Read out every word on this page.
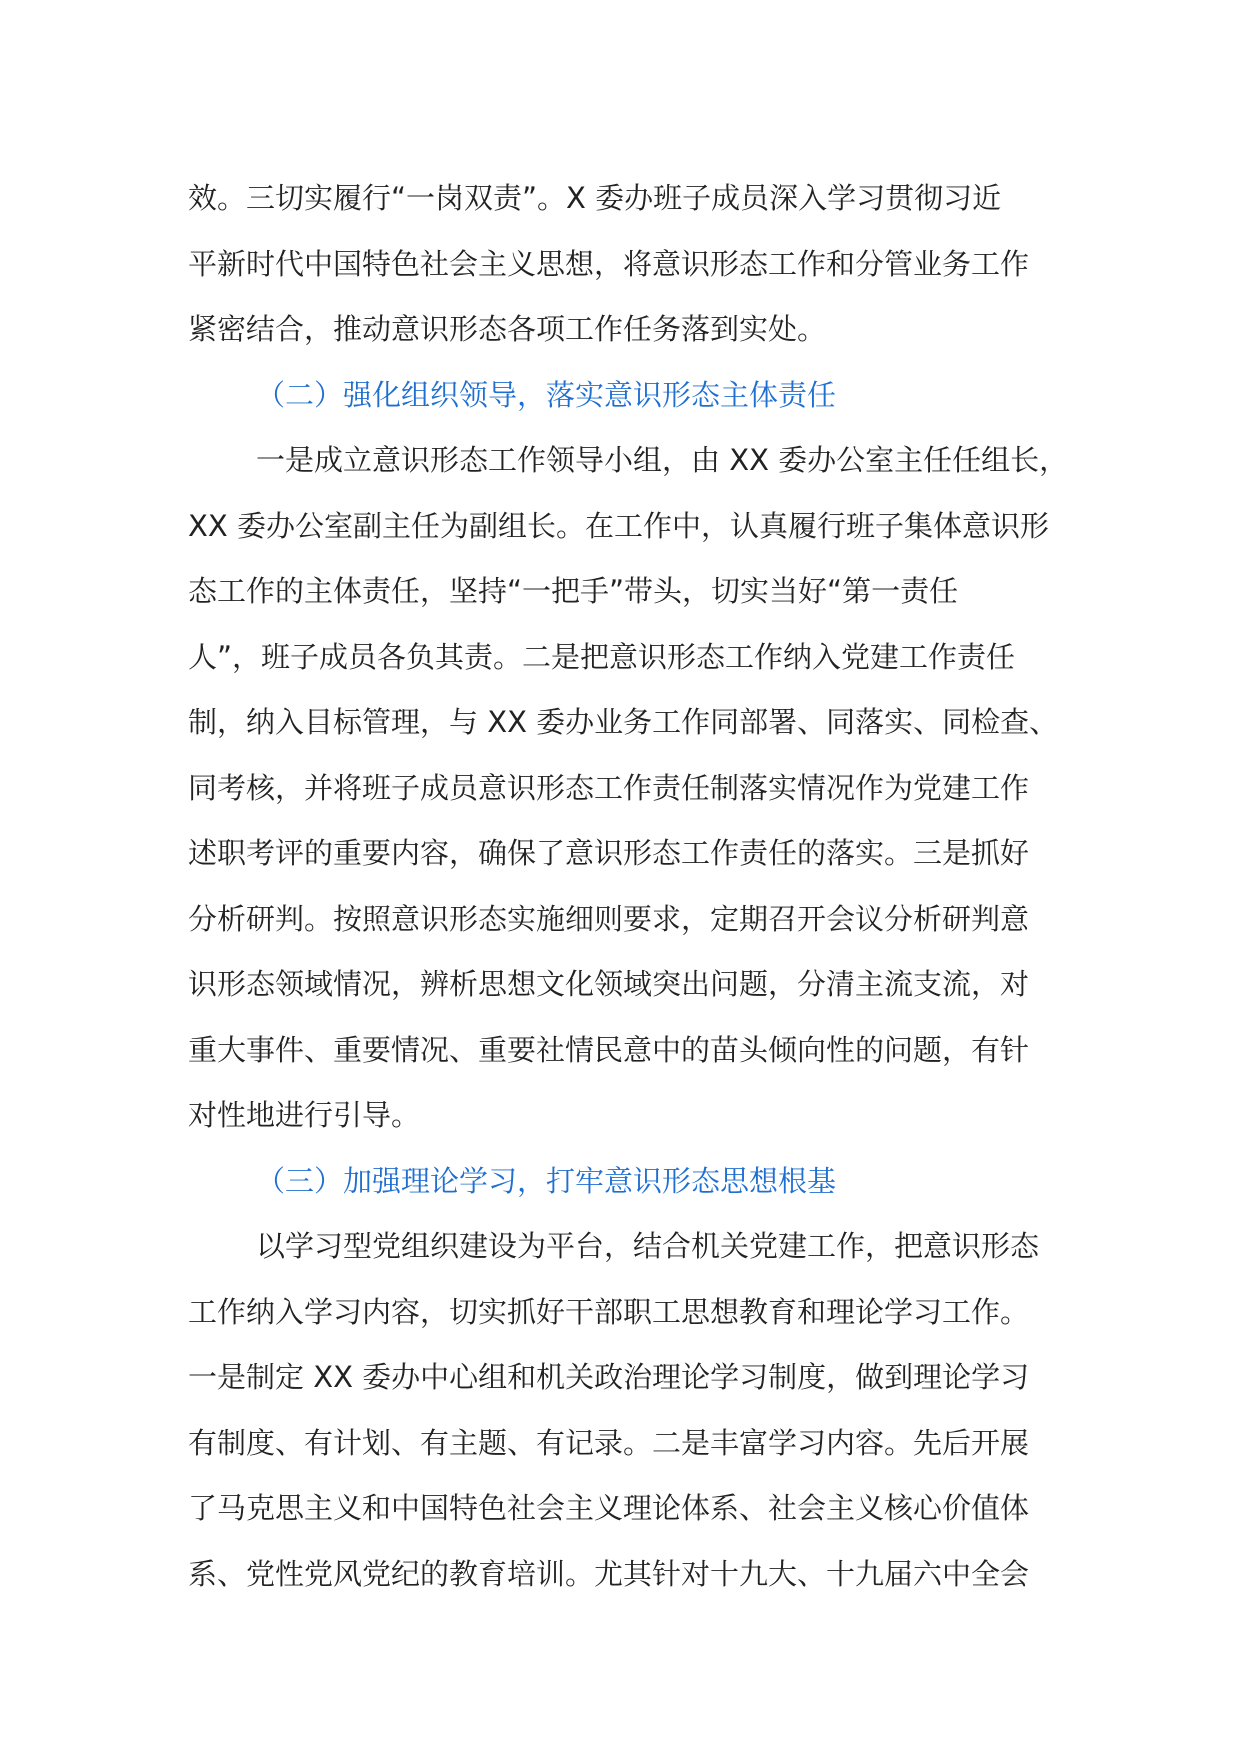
效。三切实履行“一岗双责”。X 委办班子成员深入学习贯彻习近
平新时代中国特色社会主义思想，将意识形态工作和分管业务工作
紧密结合，推动意识形态各项工作任务落到实处。
（二）强化组织领导，落实意识形态主体责任
一是成立意识形态工作领导小组，由 XX 委办公室主任任组长，
XX 委办公室副主任为副组长。在工作中，认真履行班子集体意识形
态工作的主体责任，坚持“一把手”带头，切实当好“第一责任
人”，班子成员各负其责。二是把意识形态工作纳入党建工作责任
制，纳入目标管理，与 XX 委办业务工作同部署、同落实、同检查、
同考核，并将班子成员意识形态工作责任制落实情况作为党建工作
述职考评的重要内容，确保了意识形态工作责任的落实。三是抓好
分析研判。按照意识形态实施细则要求，定期召开会议分析研判意
识形态领域情况，辨析思想文化领域突出问题，分清主流支流，对
重大事件、重要情况、重要社情民意中的苗头倾向性的问题，有针
对性地进行引导。
（三）加强理论学习，打牢意识形态思想根基
以学习型党组织建设为平台，结合机关党建工作，把意识形态
工作纳入学习内容，切实抓好干部职工思想教育和理论学习工作。
一是制定 XX 委办中心组和机关政治理论学习制度，做到理论学习
有制度、有计划、有主题、有记录。二是丰富学习内容。先后开展
了马克思主义和中国特色社会主义理论体系、社会主义核心价值体
系、党性党风党纪的教育培训。尤其针对十九大、十九届六中全会
